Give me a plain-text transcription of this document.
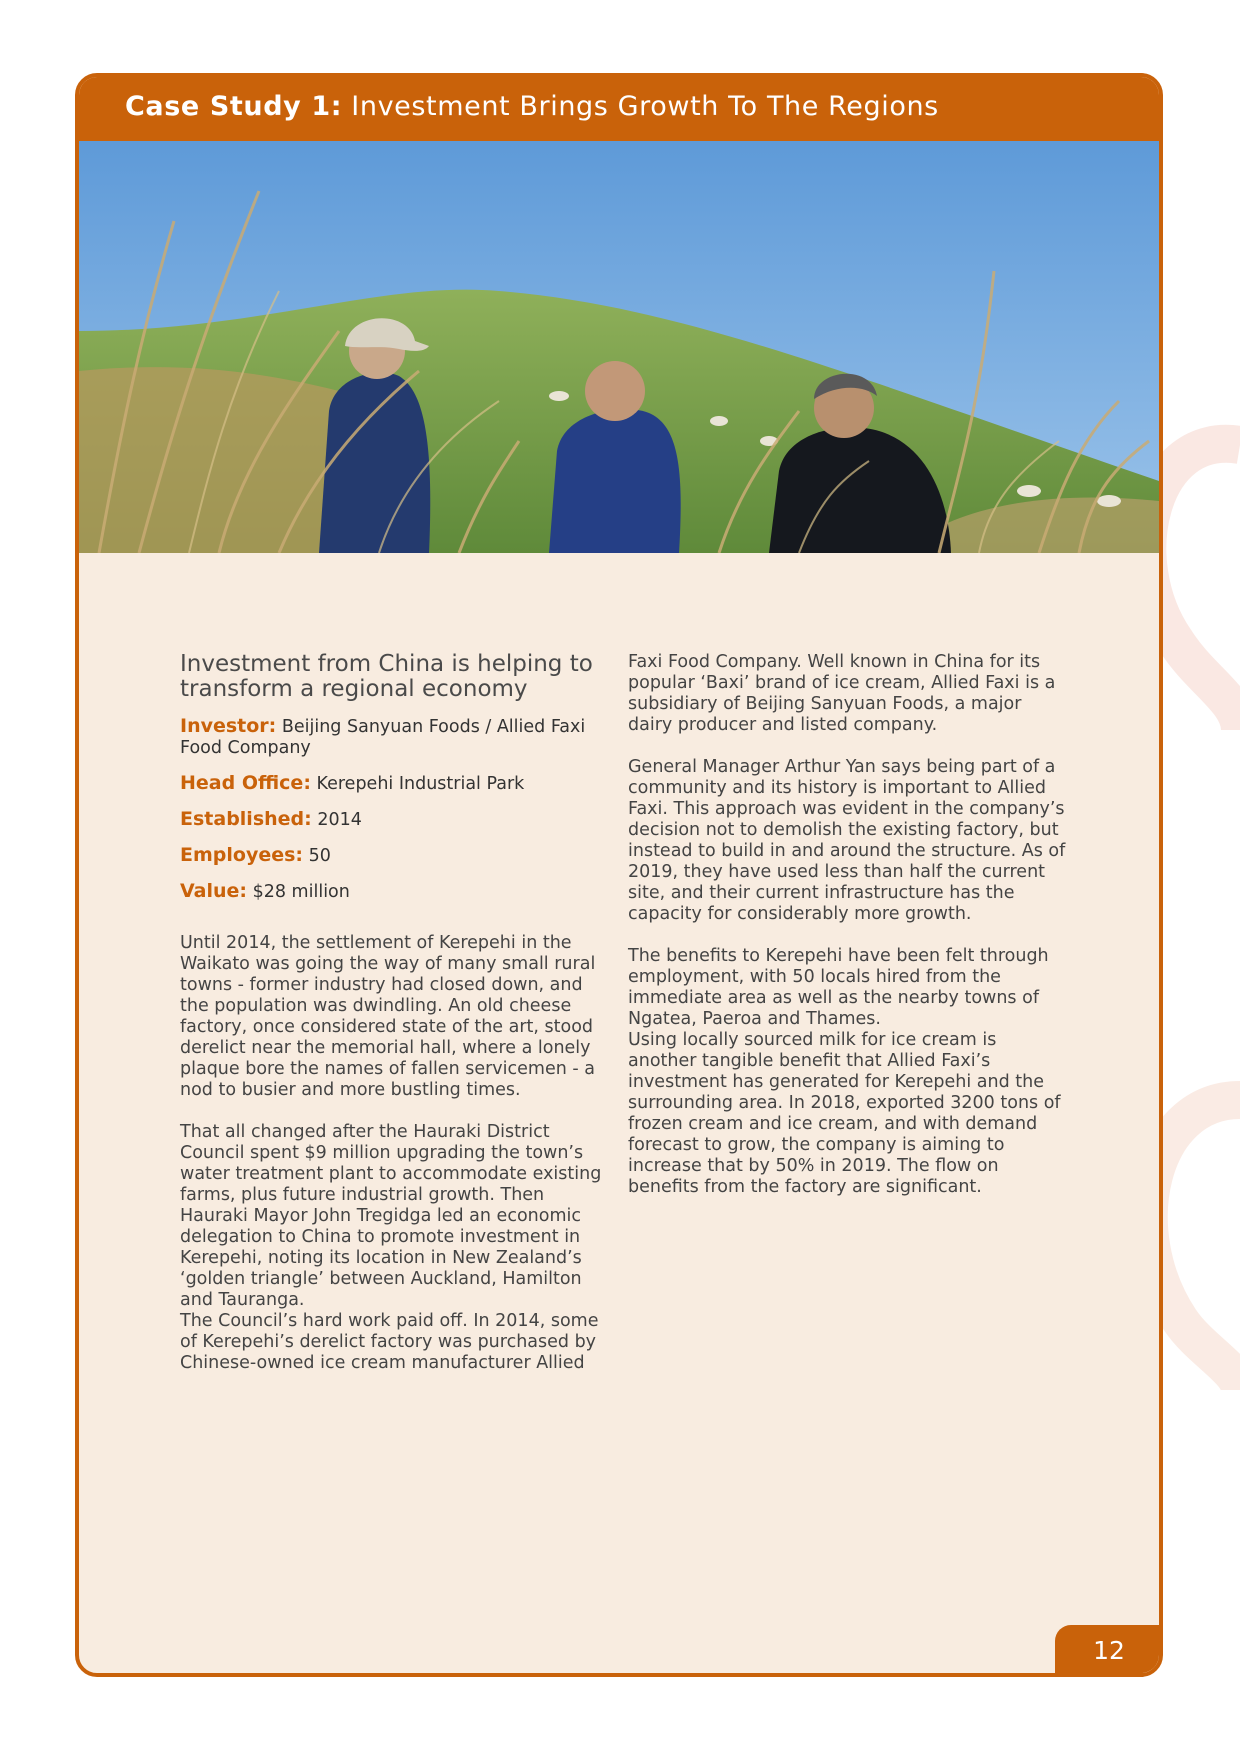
Case Study 1: Investment Brings Growth To The Regions
Investment from China is helping to transform a regional economy

Investor: Beijing Sanyuan Foods / Allied Faxi Food Company

Head Office: Kerepehi Industrial Park

Established: 2014

Employees: 50

Value: $28 million

Until 2014, the settlement of Kerepehi in the Waikato was going the way of many small rural towns - former industry had closed down, and the population was dwindling. An old cheese factory, once considered state of the art, stood derelict near the memorial hall, where a lonely plaque bore the names of fallen servicemen - a nod to busier and more bustling times.

That all changed after the Hauraki District Council spent $9 million upgrading the town’s water treatment plant to accommodate existing farms, plus future industrial growth. Then Hauraki Mayor John Tregidga led an economic delegation to China to promote investment in Kerepehi, noting its location in New Zealand’s ‘golden triangle’ between Auckland, Hamilton and Tauranga.

The Council’s hard work paid off. In 2014, some of Kerepehi’s derelict factory was purchased by Chinese-owned ice cream manufacturer Allied

Faxi Food Company. Well known in China for its popular ‘Baxi’ brand of ice cream, Allied Faxi is a subsidiary of Beijing Sanyuan Foods, a major dairy producer and listed company.

General Manager Arthur Yan says being part of a community and its history is important to Allied Faxi. This approach was evident in the company’s decision not to demolish the existing factory, but instead to build in and around the structure. As of 2019, they have used less than half the current site, and their current infrastructure has the capacity for considerably more growth.

The benefits to Kerepehi have been felt through employment, with 50 locals hired from the immediate area as well as the nearby towns of Ngatea, Paeroa and Thames.

Using locally sourced milk for ice cream is another tangible benefit that Allied Faxi’s investment has generated for Kerepehi and the surrounding area. In 2018, exported 3200 tons of frozen cream and ice cream, and with demand forecast to grow, the company is aiming to increase that by 50% in 2019. The flow on benefits from the factory are significant.

12
